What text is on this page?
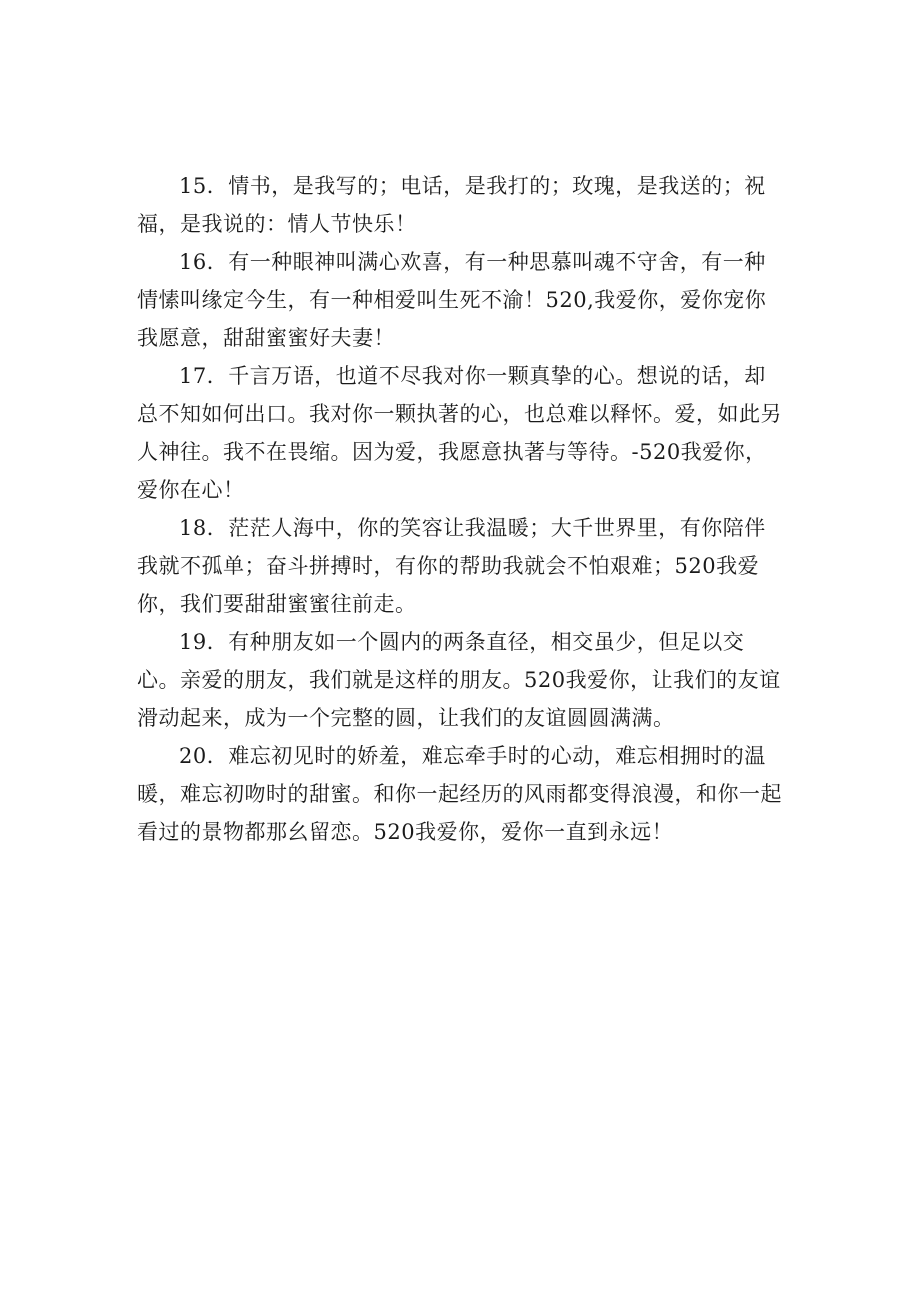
15．情书，是我写的；电话，是我打的；玫瑰，是我送的；祝
福，是我说的：情人节快乐！

16．有一种眼神叫满心欢喜，有一种思慕叫魂不守舍，有一种
情愫叫缘定今生，有一种相爱叫生死不渝！520,我爱你，爱你宠你
我愿意，甜甜蜜蜜好夫妻！

17．千言万语，也道不尽我对你一颗真挚的心。想说的话，却
总不知如何出口。我对你一颗执著的心，也总难以释怀。爱，如此另
人神往。我不在畏缩。因为爱，我愿意执著与等待。-520我爱你，
爱你在心！

18．茫茫人海中，你的笑容让我温暖；大千世界里，有你陪伴
我就不孤单；奋斗拼搏时，有你的帮助我就会不怕艰难；520我爱
你，我们要甜甜蜜蜜往前走。

19．有种朋友如一个圆内的两条直径，相交虽少，但足以交
心。亲爱的朋友，我们就是这样的朋友。520我爱你，让我们的友谊
滑动起来，成为一个完整的圆，让我们的友谊圆圆满满。

20．难忘初见时的娇羞，难忘牵手时的心动，难忘相拥时的温
暖，难忘初吻时的甜蜜。和你一起经历的风雨都变得浪漫，和你一起
看过的景物都那幺留恋。520我爱你，爱你一直到永远！
